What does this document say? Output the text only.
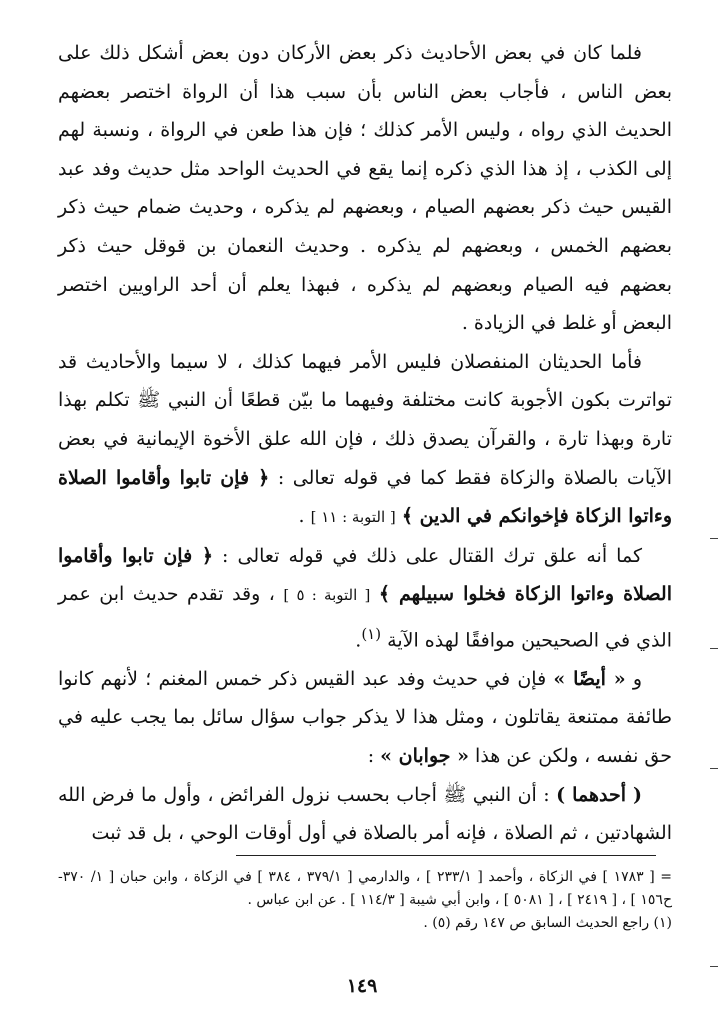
فلما كان في بعض الأحاديث ذكر بعض الأركان دون بعض أشكل ذلك على بعض الناس ، فأجاب بعض الناس بأن سبب هذا أن الرواة اختصر بعضهم الحديث الذي رواه ، وليس الأمر كذلك ؛ فإن هذا طعن في الرواة ، ونسبة لهم إلى الكذب ، إذ هذا الذي ذكره إنما يقع في الحديث الواحد مثل حديث وفد عبد القيس حيث ذكر بعضهم الصيام ، وبعضهم لم يذكره ، وحديث ضمام حيث ذكر بعضهم الخمس ، وبعضهم لم يذكره . وحديث النعمان بن قوقل حيث ذكر بعضهم فيه الصيام وبعضهم لم يذكره ، فبهذا يعلم أن أحد الراويين اختصر البعض أو غلط في الزيادة .

فأما الحديثان المنفصلان فليس الأمر فيهما كذلك ، لا سيما والأحاديث قد تواترت بكون الأجوبة كانت مختلفة وفيهما ما بيّن قطعًا أن النبي ﷺ تكلم بهذا تارة وبهذا تارة ، والقرآن يصدق ذلك ، فإن الله علق الأخوة الإيمانية في بعض الآيات بالصلاة والزكاة فقط كما في قوله تعالى : ﴿ فإن تابوا وأقاموا الصلاة وءاتوا الزكاة فإخوانكم في الدين ﴾ [ التوبة : ١١ ] .

كما أنه علق ترك القتال على ذلك في قوله تعالى : ﴿ فإن تابوا وأقاموا الصلاة وءاتوا الزكاة فخلوا سبيلهم ﴾ [ التوبة : ٥ ] ، وقد تقدم حديث ابن عمر الذي في الصحيحين موافقًا لهذه الآية $^{(١)}$.

و « أيضًا » فإن في حديث وفد عبد القيس ذكر خمس المغنم ؛ لأنهم كانوا طائفة ممتنعة يقاتلون ، ومثل هذا لا يذكر جواب سؤال سائل بما يجب عليه في حق نفسه ، ولكن عن هذا « جوابان » :

( أحدهما ) : أن النبي ﷺ أجاب بحسب نزول الفرائض ، وأول ما فرض الله الشهادتين ، ثم الصلاة ، فإنه أمر بالصلاة في أول أوقات الوحي ، بل قد ثبت

= [ ١٧٨٣ ] في الزكاة ، وأحمد [ ٢٣٣/١ ] ، والدارمي [ ٣٧٩/١ ، ٣٨٤ ] في الزكاة ، وابن حبان [ ١/ ٣٧٠- ح١٥٦ ] ، [ ٢٤١٩ ] ، [ ٥٠٨١ ] ، وابن أبي شيبة [ ١١٤/٣ ] . عن ابن عباس .

(١) راجع الحديث السابق ص ١٤٧ رقم (٥) .

١٤٩
